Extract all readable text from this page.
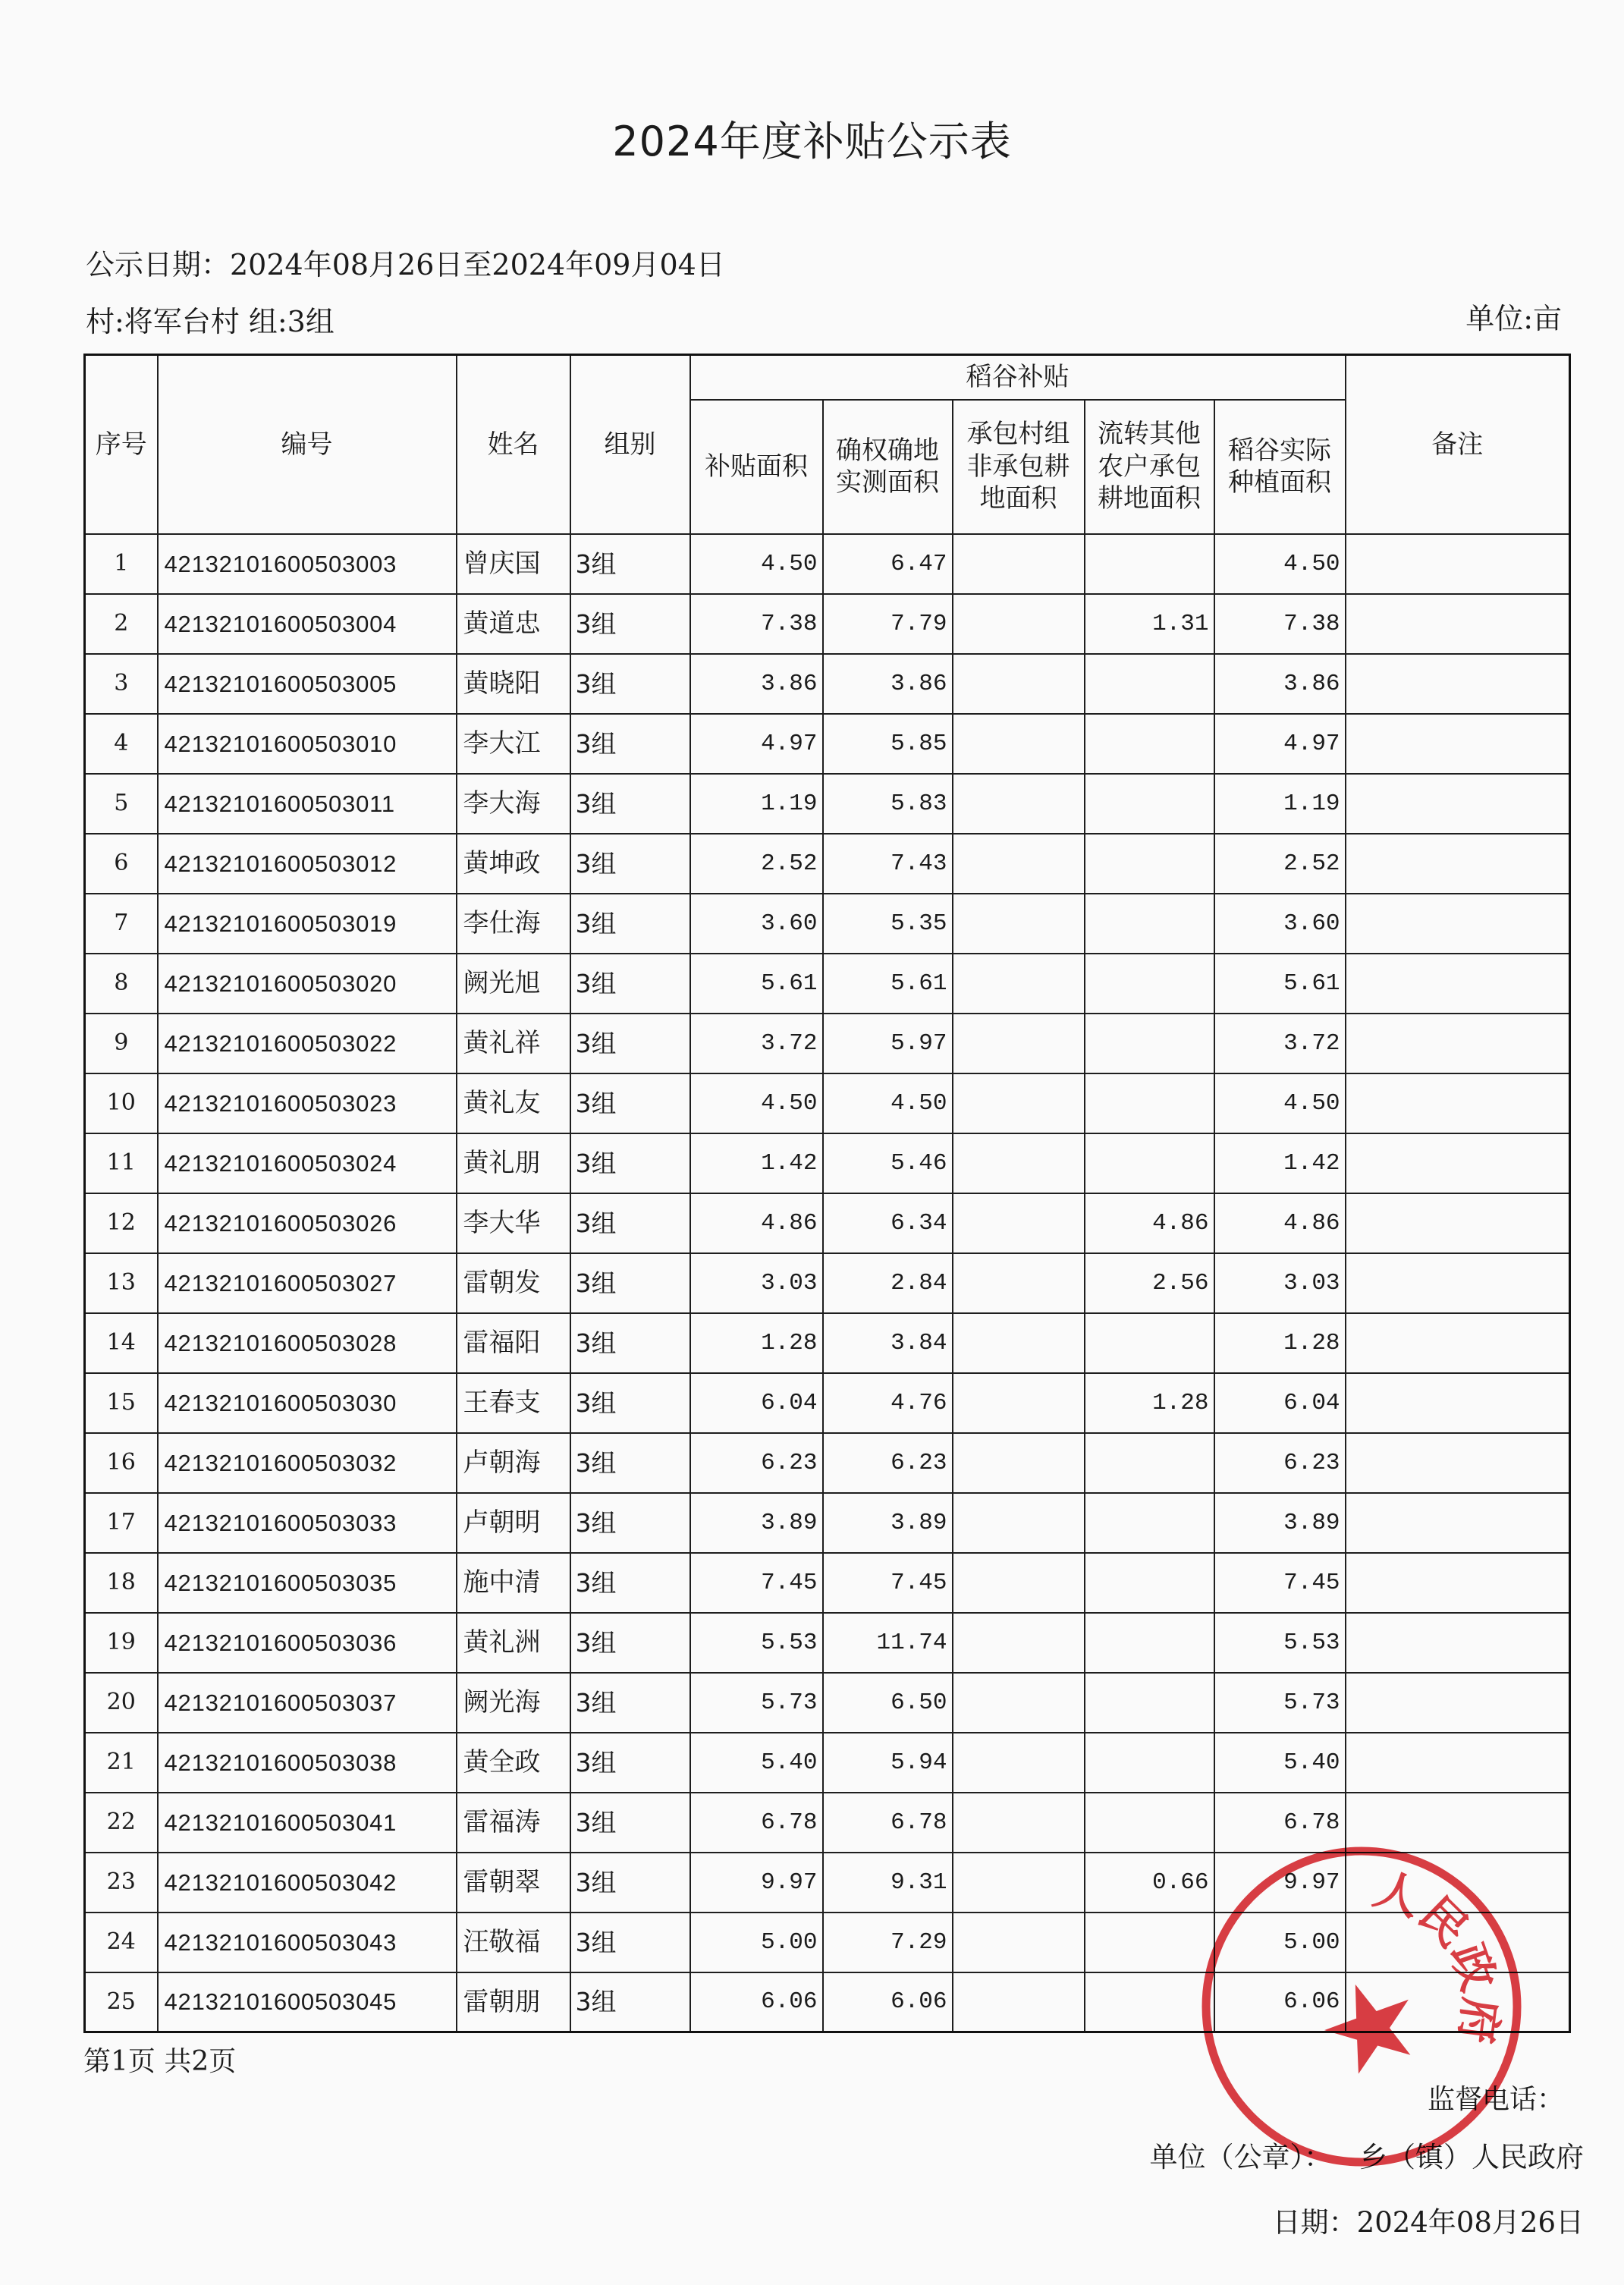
2024年度补贴公示表
公示日期：2024年08月26日至2024年09月04日
村:将军台村 组:3组	单位:亩
序号	编号	姓名	组别	稻谷补贴					备注
				补贴面积	确权确地实测面积	承包村组非承包耕地面积	流转其他农户承包耕地面积	稻谷实际种植面积	
1	42132101600503003	曾庆国	3组	4.50	6.47			4.50	
2	42132101600503004	黄道忠	3组	7.38	7.79		1.31	7.38	
3	42132101600503005	黄晓阳	3组	3.86	3.86			3.86	
4	42132101600503010	李大江	3组	4.97	5.85			4.97	
5	42132101600503011	李大海	3组	1.19	5.83			1.19	
6	42132101600503012	黄坤政	3组	2.52	7.43			2.52	
7	42132101600503019	李仕海	3组	3.60	5.35			3.60	
8	42132101600503020	阙光旭	3组	5.61	5.61			5.61	
9	42132101600503022	黄礼祥	3组	3.72	5.97			3.72	
10	42132101600503023	黄礼友	3组	4.50	4.50			4.50	
11	42132101600503024	黄礼朋	3组	1.42	5.46			1.42	
12	42132101600503026	李大华	3组	4.86	6.34		4.86	4.86	
13	42132101600503027	雷朝发	3组	3.03	2.84		2.56	3.03	
14	42132101600503028	雷福阳	3组	1.28	3.84			1.28	
15	42132101600503030	王春支	3组	6.04	4.76		1.28	6.04	
16	42132101600503032	卢朝海	3组	6.23	6.23			6.23	
17	42132101600503033	卢朝明	3组	3.89	3.89			3.89	
18	42132101600503035	施中清	3组	7.45	7.45			7.45	
19	42132101600503036	黄礼洲	3组	5.53	11.74			5.53	
20	42132101600503037	阙光海	3组	5.73	6.50			5.73	
21	42132101600503038	黄全政	3组	5.40	5.94			5.40	
22	42132101600503041	雷福涛	3组	6.78	6.78			6.78	
23	42132101600503042	雷朝翠	3组	9.97	9.31		0.66	9.97	
24	42132101600503043	汪敬福	3组	5.00	7.29			5.00	
25	42132101600503045	雷朝朋	3组	6.06	6.06			6.06	
第1页 共2页
监督电话：
单位（公章）： 乡（镇）人民政府
日期：2024年08月26日
人民政府
